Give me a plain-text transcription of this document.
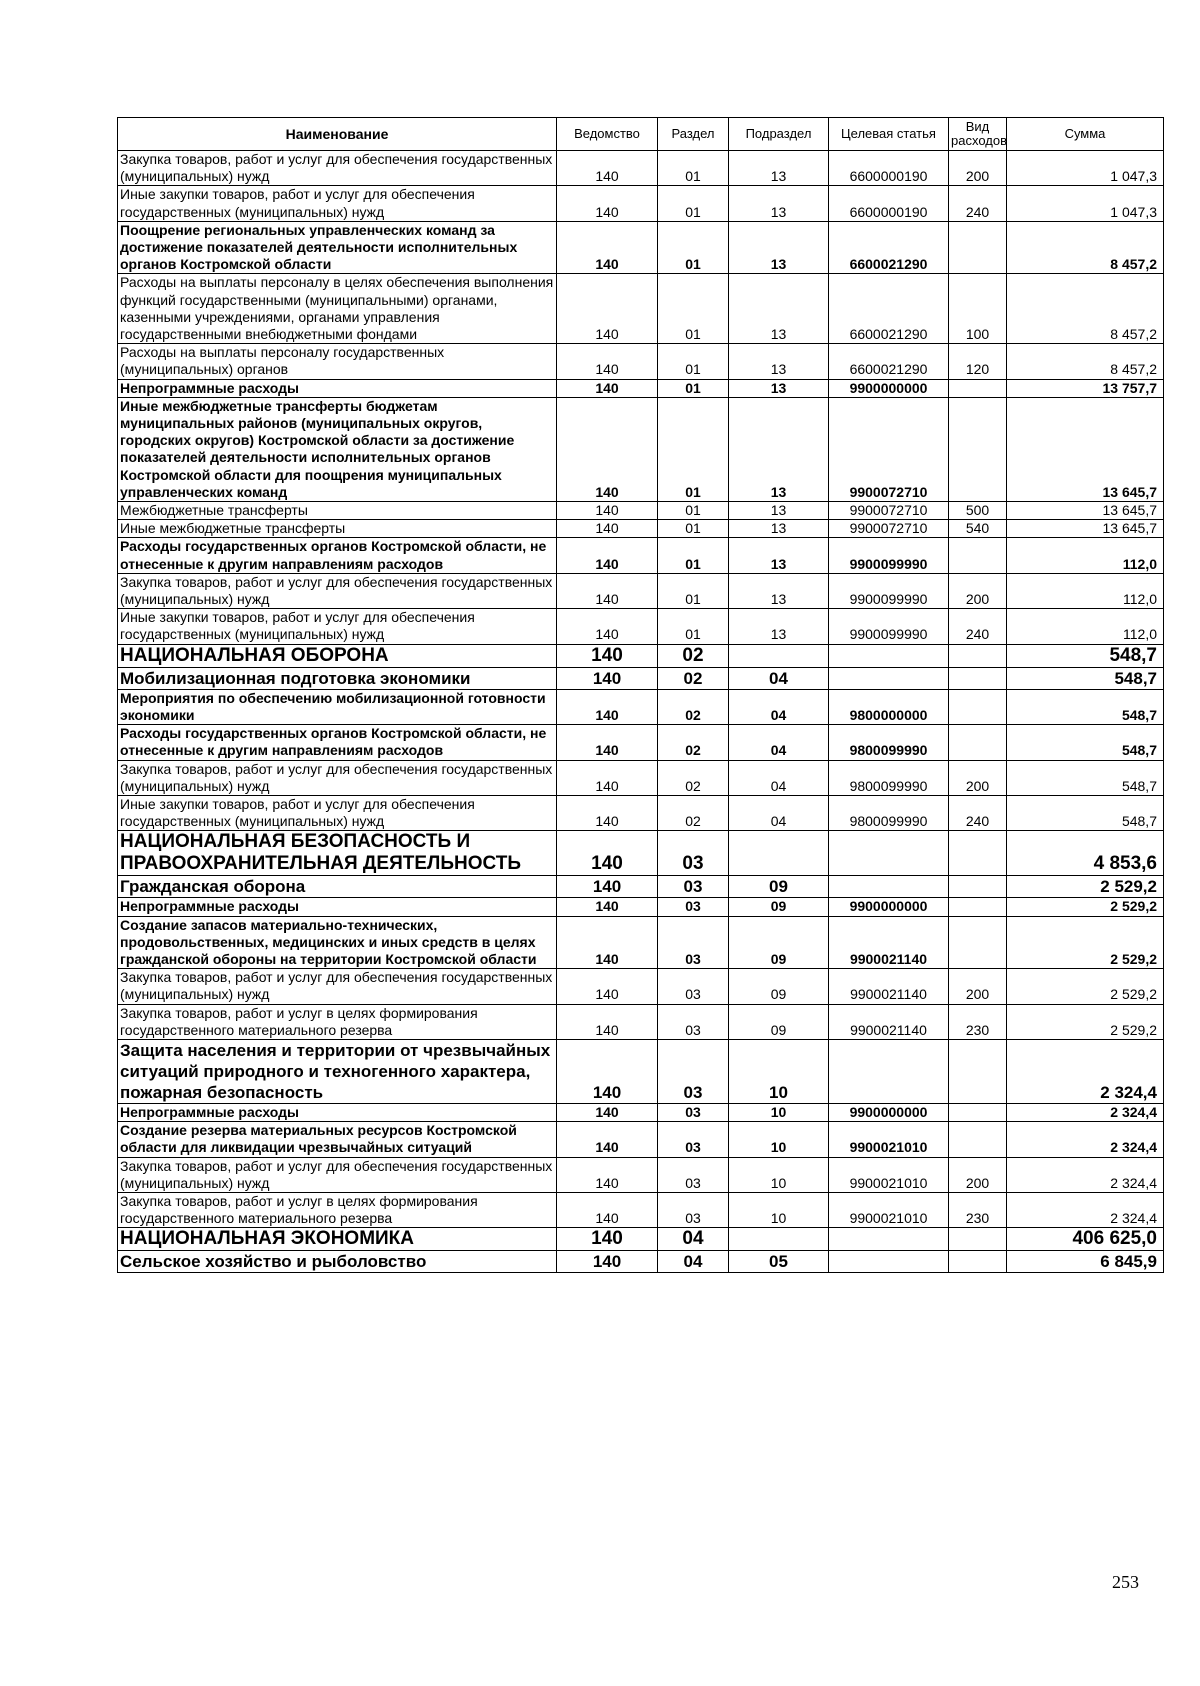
Наименование	Ведомство	Раздел	Подраздел	Целевая статья	Вид расходов	Сумма
Закупка товаров, работ и услуг для обеспечения государственных (муниципальных) нужд	140	01	13	6600000190	200	1 047,3
Иные закупки товаров, работ и услуг для обеспечения государственных (муниципальных) нужд	140	01	13	6600000190	240	1 047,3
Поощрение региональных управленческих команд за достижение показателей деятельности исполнительных органов Костромской области	140	01	13	6600021290		8 457,2
Расходы на выплаты персоналу в целях обеспечения выполнения функций государственными (муниципальными) органами, казенными учреждениями, органами управления государственными внебюджетными фондами	140	01	13	6600021290	100	8 457,2
Расходы на выплаты персоналу государственных (муниципальных) органов	140	01	13	6600021290	120	8 457,2
Непрограммные расходы	140	01	13	9900000000		13 757,7
Иные межбюджетные трансферты бюджетам муниципальных районов (муниципальных округов, городских округов) Костромской области за достижение показателей деятельности исполнительных органов Костромской области для поощрения муниципальных управленческих команд	140	01	13	9900072710		13 645,7
Межбюджетные трансферты	140	01	13	9900072710	500	13 645,7
Иные межбюджетные трансферты	140	01	13	9900072710	540	13 645,7
Расходы государственных органов Костромской области, не отнесенные к другим направлениям расходов	140	01	13	9900099990		112,0
Закупка товаров, работ и услуг для обеспечения государственных (муниципальных) нужд	140	01	13	9900099990	200	112,0
Иные закупки товаров, работ и услуг для обеспечения государственных (муниципальных) нужд	140	01	13	9900099990	240	112,0
НАЦИОНАЛЬНАЯ ОБОРОНА	140	02				548,7
Мобилизационная подготовка экономики	140	02	04			548,7
Мероприятия по обеспечению мобилизационной готовности экономики	140	02	04	9800000000		548,7
Расходы государственных органов Костромской области, не отнесенные к другим направлениям расходов	140	02	04	9800099990		548,7
Закупка товаров, работ и услуг для обеспечения государственных (муниципальных) нужд	140	02	04	9800099990	200	548,7
Иные закупки товаров, работ и услуг для обеспечения государственных (муниципальных) нужд	140	02	04	9800099990	240	548,7
НАЦИОНАЛЬНАЯ БЕЗОПАСНОСТЬ И ПРАВООХРАНИТЕЛЬНАЯ ДЕЯТЕЛЬНОСТЬ	140	03				4 853,6
Гражданская оборона	140	03	09			2 529,2
Непрограммные расходы	140	03	09	9900000000		2 529,2
Создание запасов материально-технических, продовольственных, медицинских и иных средств в целях гражданской обороны на территории Костромской области	140	03	09	9900021140		2 529,2
Закупка товаров, работ и услуг для обеспечения государственных (муниципальных) нужд	140	03	09	9900021140	200	2 529,2
Закупка товаров, работ и услуг в целях формирования государственного материального резерва	140	03	09	9900021140	230	2 529,2
Защита населения и территории от чрезвычайных ситуаций природного и техногенного характера, пожарная безопасность	140	03	10			2 324,4
Непрограммные расходы	140	03	10	9900000000		2 324,4
Создание резерва материальных ресурсов Костромской области для ликвидации чрезвычайных ситуаций	140	03	10	9900021010		2 324,4
Закупка товаров, работ и услуг для обеспечения государственных (муниципальных) нужд	140	03	10	9900021010	200	2 324,4
Закупка товаров, работ и услуг в целях формирования государственного материального резерва	140	03	10	9900021010	230	2 324,4
НАЦИОНАЛЬНАЯ ЭКОНОМИКА	140	04				406 625,0
Сельское хозяйство и рыболовство	140	04	05			6 845,9
253
